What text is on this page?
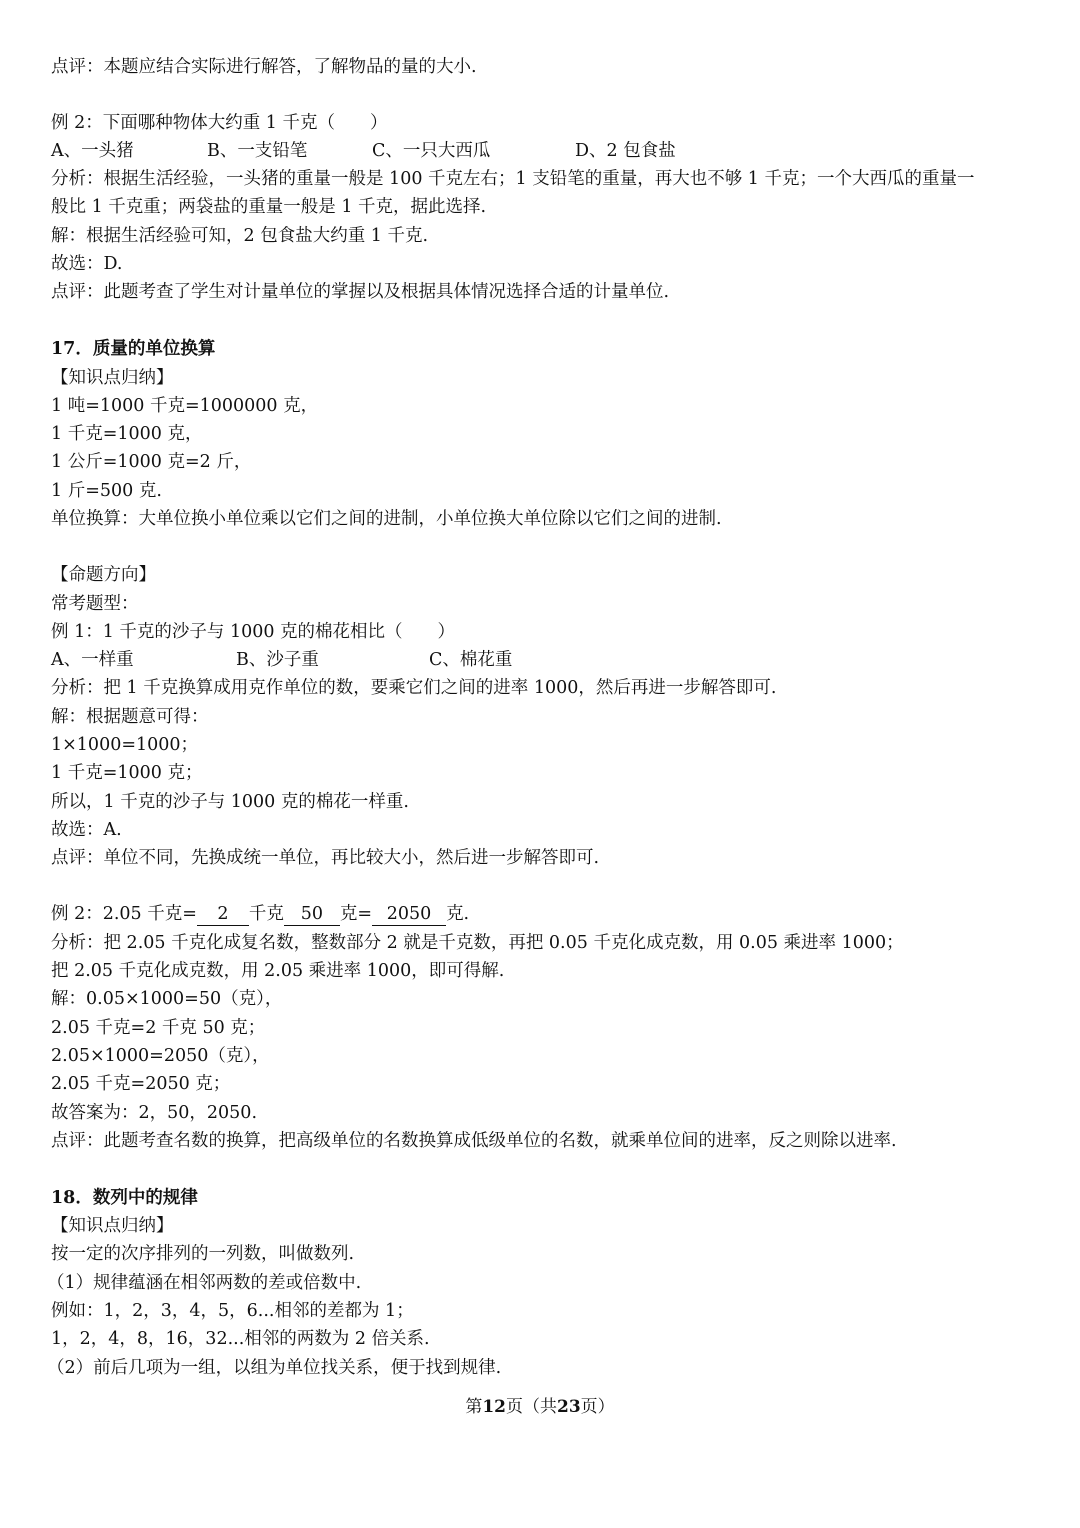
点评：本题应结合实际进行解答，了解物品的量的大小.
例 2：下面哪种物体大约重 1 千克（　　）
A、一头猪	B、一支铅笔	C、一只大西瓜	D、2 包食盐
分析：根据生活经验，一头猪的重量一般是 100 千克左右；1 支铅笔的重量，再大也不够 1 千克；一个大西瓜的重量一
般比 1 千克重；两袋盐的重量一般是 1 千克，据此选择.
解：根据生活经验可知，2 包食盐大约重 1 千克.
故选：D.
点评：此题考查了学生对计量单位的掌握以及根据具体情况选择合适的计量单位.
17．质量的单位换算
【知识点归纳】
1 吨=1000 千克=1000000 克，
1 千克=1000 克，
1 公斤=1000 克=2 斤，
1 斤=500 克.
单位换算：大单位换小单位乘以它们之间的进制，小单位换大单位除以它们之间的进制.
【命题方向】
常考题型：
例 1：1 千克的沙子与 1000 克的棉花相比（　　）
A、一样重	B、沙子重	C、棉花重
分析：把 1 千克换算成用克作单位的数，要乘它们之间的进率 1000，然后再进一步解答即可.
解：根据题意可得：
1×1000=1000；
1 千克=1000 克；
所以，1 千克的沙子与 1000 克的棉花一样重.
故选：A.
点评：单位不同，先换成统一单位，再比较大小，然后进一步解答即可.
例 2：2.05 千克= 2 千克 50 克= 2050 克.
分析：把 2.05 千克化成复名数，整数部分 2 就是千克数，再把 0.05 千克化成克数，用 0.05 乘进率 1000；
把 2.05 千克化成克数，用 2.05 乘进率 1000，即可得解.
解：0.05×1000=50（克），
2.05 千克=2 千克 50 克；
2.05×1000=2050（克），
2.05 千克=2050 克；
故答案为：2，50，2050.
点评：此题考查名数的换算，把高级单位的名数换算成低级单位的名数，就乘单位间的进率，反之则除以进率.
18．数列中的规律
【知识点归纳】
按一定的次序排列的一列数，叫做数列.
（1）规律蕴涵在相邻两数的差或倍数中.
例如：1，2，3，4，5，6...相邻的差都为 1；
1，2，4，8，16，32...相邻的两数为 2 倍关系.
（2）前后几项为一组，以组为单位找关系，便于找到规律.
第12页（共23页）
